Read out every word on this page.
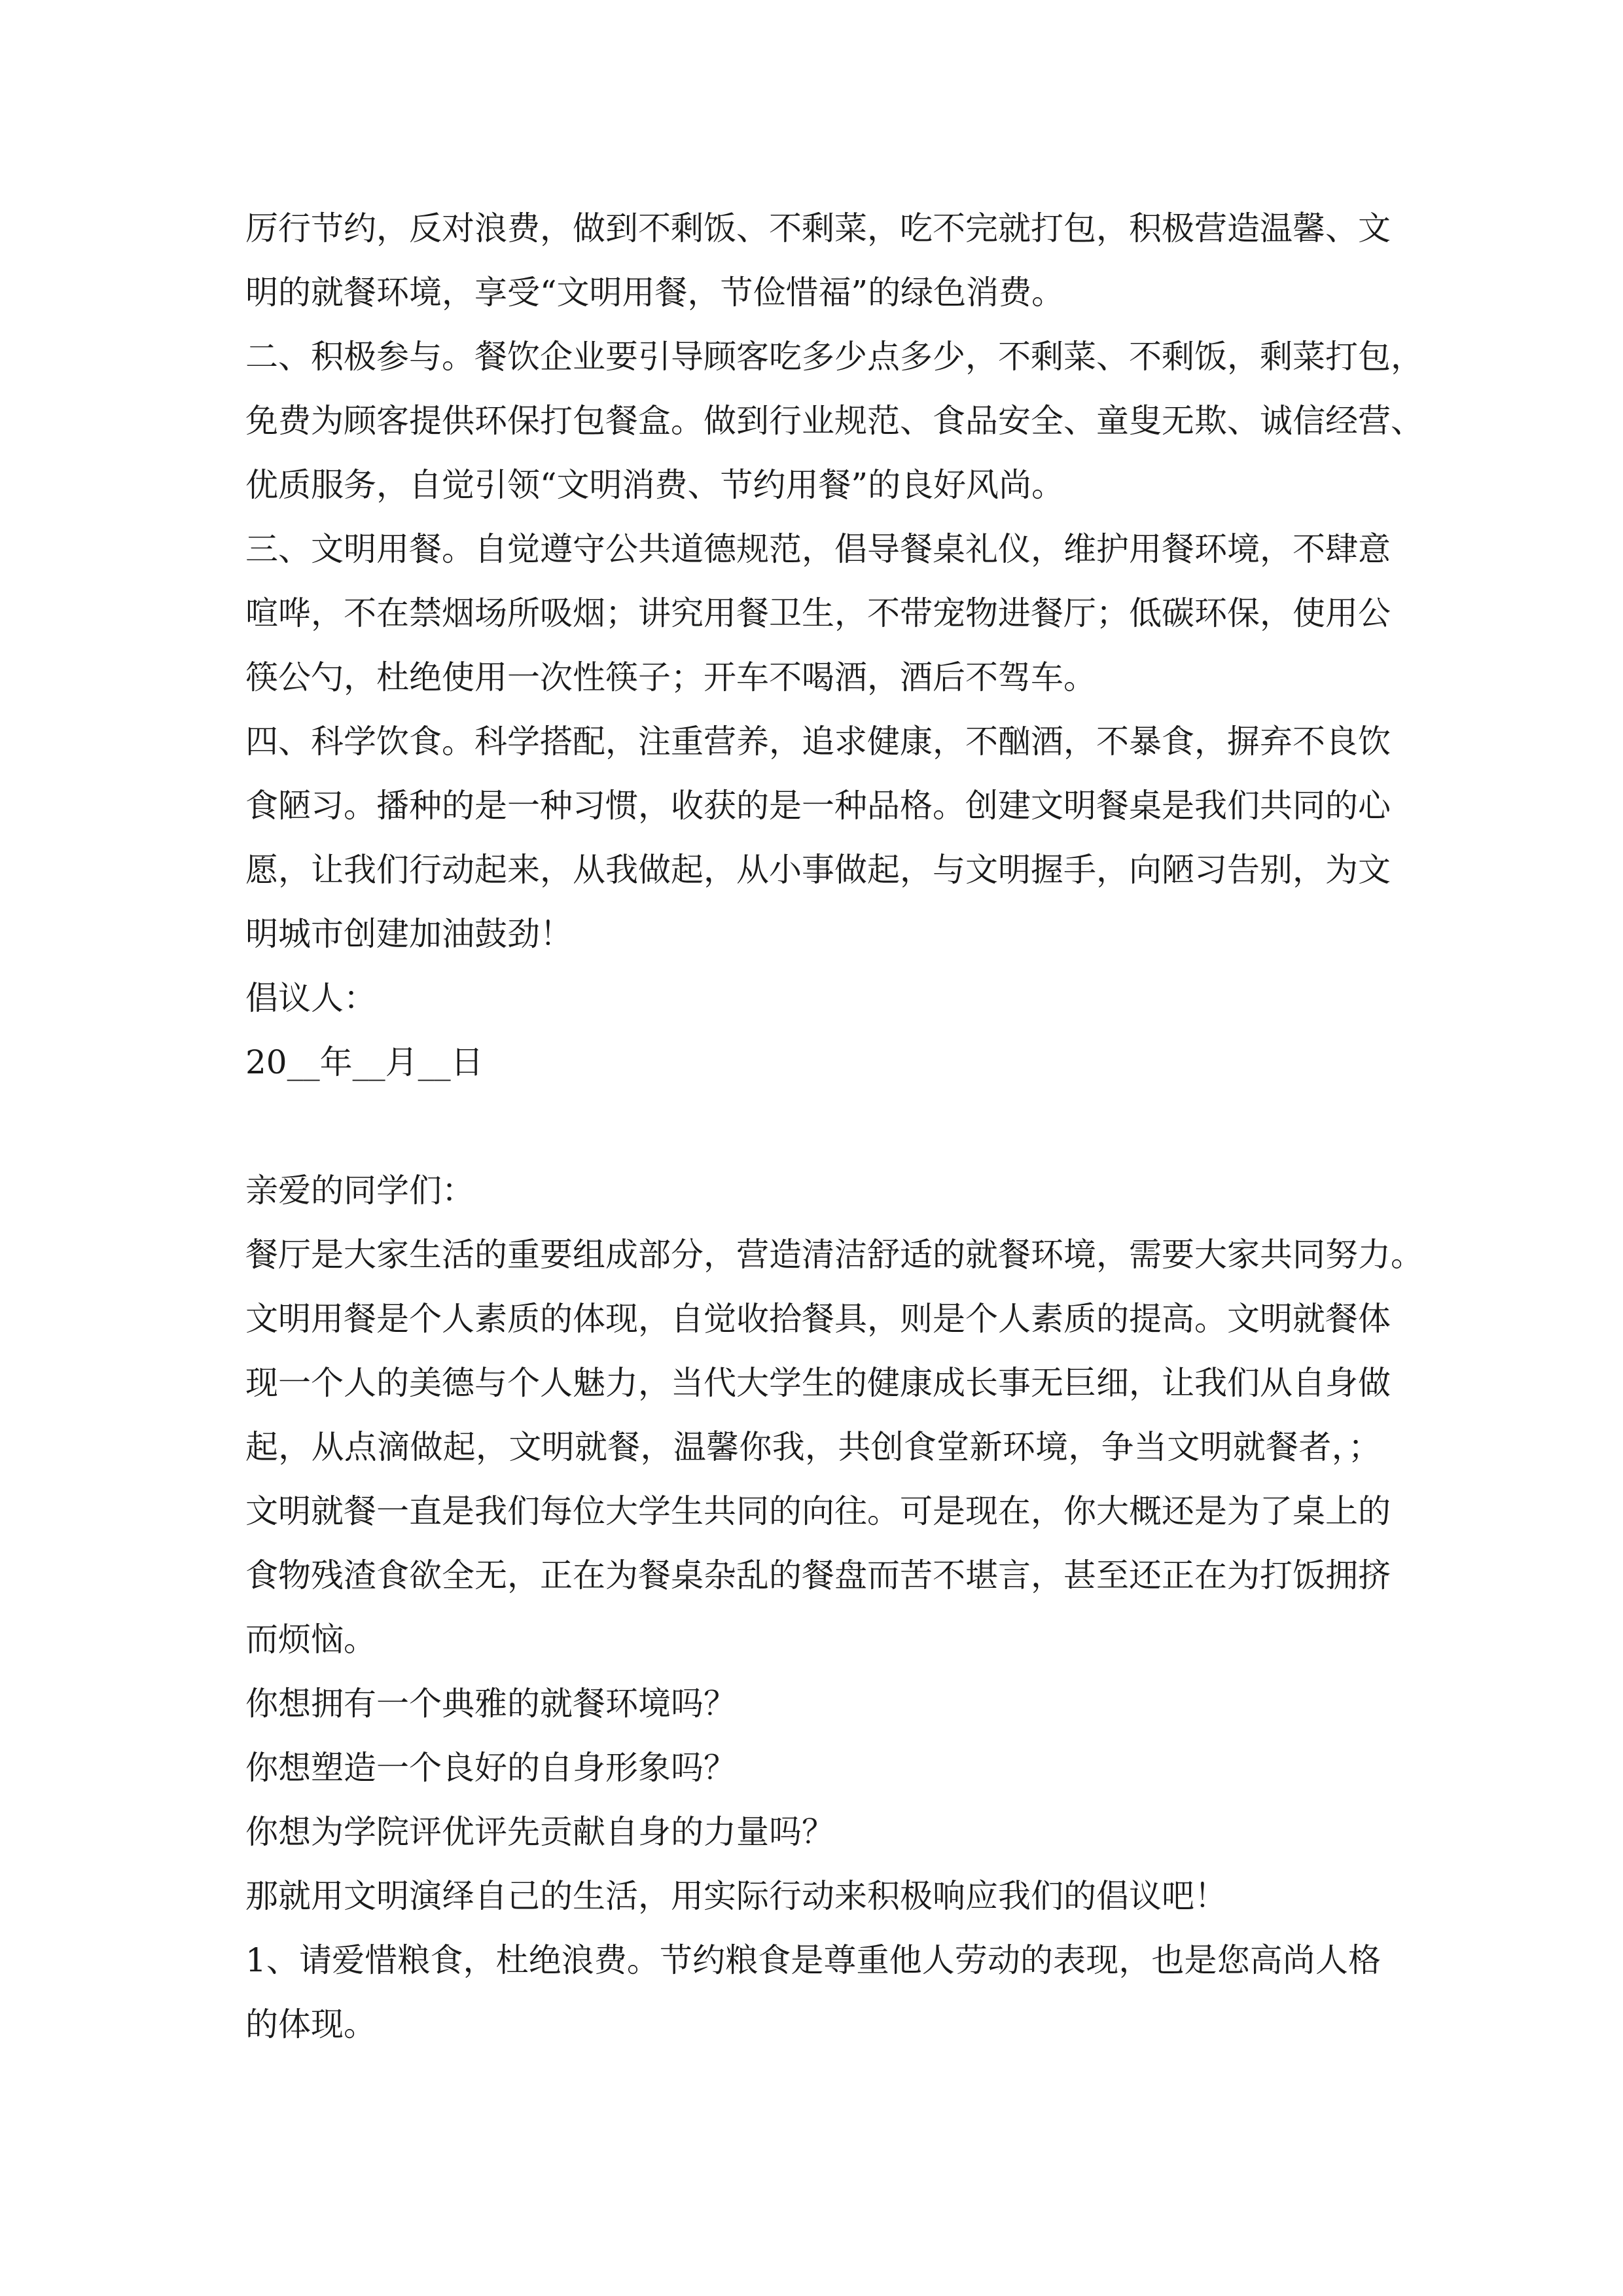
厉行节约，反对浪费，做到不剩饭、不剩菜，吃不完就打包，积极营造温馨、文
明的就餐环境，享受“文明用餐，节俭惜福”的绿色消费。
二、积极参与。餐饮企业要引导顾客吃多少点多少，不剩菜、不剩饭，剩菜打包，
免费为顾客提供环保打包餐盒。做到行业规范、食品安全、童叟无欺、诚信经营、
优质服务，自觉引领“文明消费、节约用餐”的良好风尚。
三、文明用餐。自觉遵守公共道德规范，倡导餐桌礼仪，维护用餐环境，不肆意
喧哗，不在禁烟场所吸烟；讲究用餐卫生，不带宠物进餐厅；低碳环保，使用公
筷公勺，杜绝使用一次性筷子；开车不喝酒，酒后不驾车。
四、科学饮食。科学搭配，注重营养，追求健康，不酗酒，不暴食，摒弃不良饮
食陋习。播种的是一种习惯，收获的是一种品格。创建文明餐桌是我们共同的心
愿，让我们行动起来，从我做起，从小事做起，与文明握手，向陋习告别，为文
明城市创建加油鼓劲！
倡议人：
20__年__月__日
亲爱的同学们：
餐厅是大家生活的重要组成部分，营造清洁舒适的就餐环境，需要大家共同努力。
文明用餐是个人素质的体现，自觉收拾餐具，则是个人素质的提高。文明就餐体
现一个人的美德与个人魅力，当代大学生的健康成长事无巨细，让我们从自身做
起，从点滴做起，文明就餐，温馨你我，共创食堂新环境，争当文明就餐者，；
文明就餐一直是我们每位大学生共同的向往。可是现在，你大概还是为了桌上的
食物残渣食欲全无，正在为餐桌杂乱的餐盘而苦不堪言，甚至还正在为打饭拥挤
而烦恼。
你想拥有一个典雅的就餐环境吗？
你想塑造一个良好的自身形象吗？
你想为学院评优评先贡献自身的力量吗？
那就用文明演绎自己的生活，用实际行动来积极响应我们的倡议吧！
1、请爱惜粮食，杜绝浪费。节约粮食是尊重他人劳动的表现，也是您高尚人格
的体现。
